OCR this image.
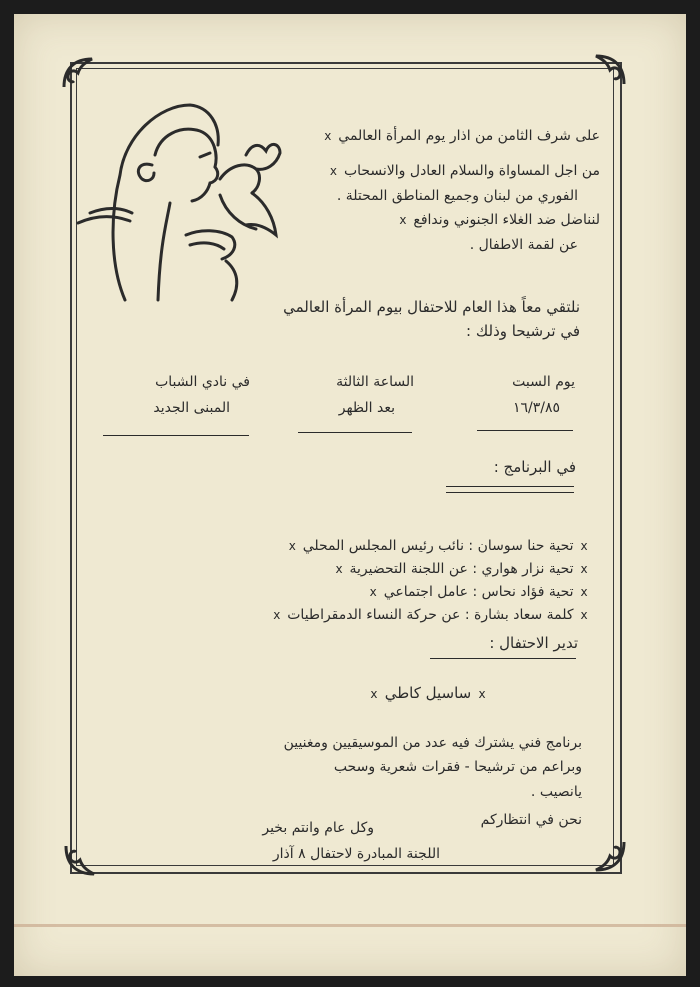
على شرف الثامن من اذار يوم المرأة العالمي x
من اجل المساواة والسلام العادل والانسحاب x
الفوري من لبنان وجميع المناطق المحتلة .
لنناضل ضد الغلاء الجنوني وندافع x
عن لقمة الاطفال .
نلتقي معاً هذا العام للاحتفال بيوم المرأة العالمي
في ترشيحا وذلك :
يوم السبت
١٦/٣/٨٥
الساعة الثالثة
بعد الظهر
في نادي الشباب
المبنى الجديد
في البرنامج :
x تحية حنا سوسان : نائب رئيس المجلس المحلي x
x تحية نزار هواري : عن اللجنة التحضيرية x
x تحية فؤاد نحاس : عامل اجتماعي x
x كلمة سعاد بشارة : عن حركة النساء الدمقراطيات x
تدير الاحتفال :
x ساسيل كاطي x
برنامج فني يشترك فيه عدد من الموسيقيين ومغنيين
وبراعم من ترشيحا - فقرات شعرية وسحب
يانصيب .
نحن في انتظاركم
وكل عام وانتم بخير
اللجنة المبادرة لاحتفال ٨ آذار
